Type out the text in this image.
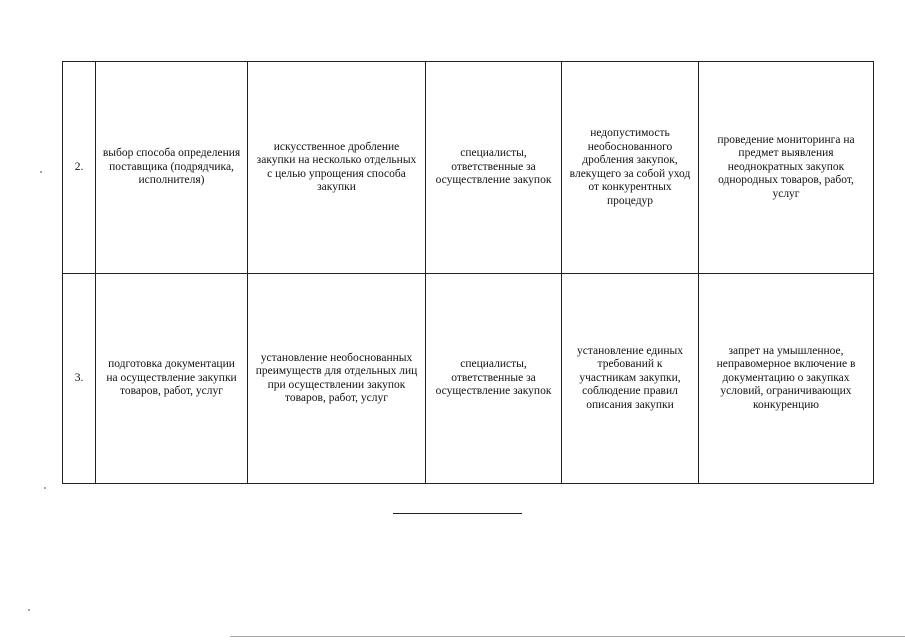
2.	выбор способа определения поставщика (подрядчика, исполнителя)	искусственное дробление закупки на несколько отдельных с целью упрощения способа закупки	специалисты, ответственные за осуществление закупок	недопустимость необоснованного дробления закупок, влекущего за собой уход от конкурентных процедур	проведение мониторинга на предмет выявления неоднократных закупок однородных товаров, работ, услуг

3.	подготовка документации на осуществление закупки товаров, работ, услуг	установление необоснованных преимуществ для отдельных лиц при осуществлении закупок товаров, работ, услуг	специалисты, ответственные за осуществление закупок	установление единых требований к участникам закупки, соблюдение правил описания закупки	запрет на умышленное, неправомерное включение в документацию о закупках условий, ограничивающих конкуренцию
